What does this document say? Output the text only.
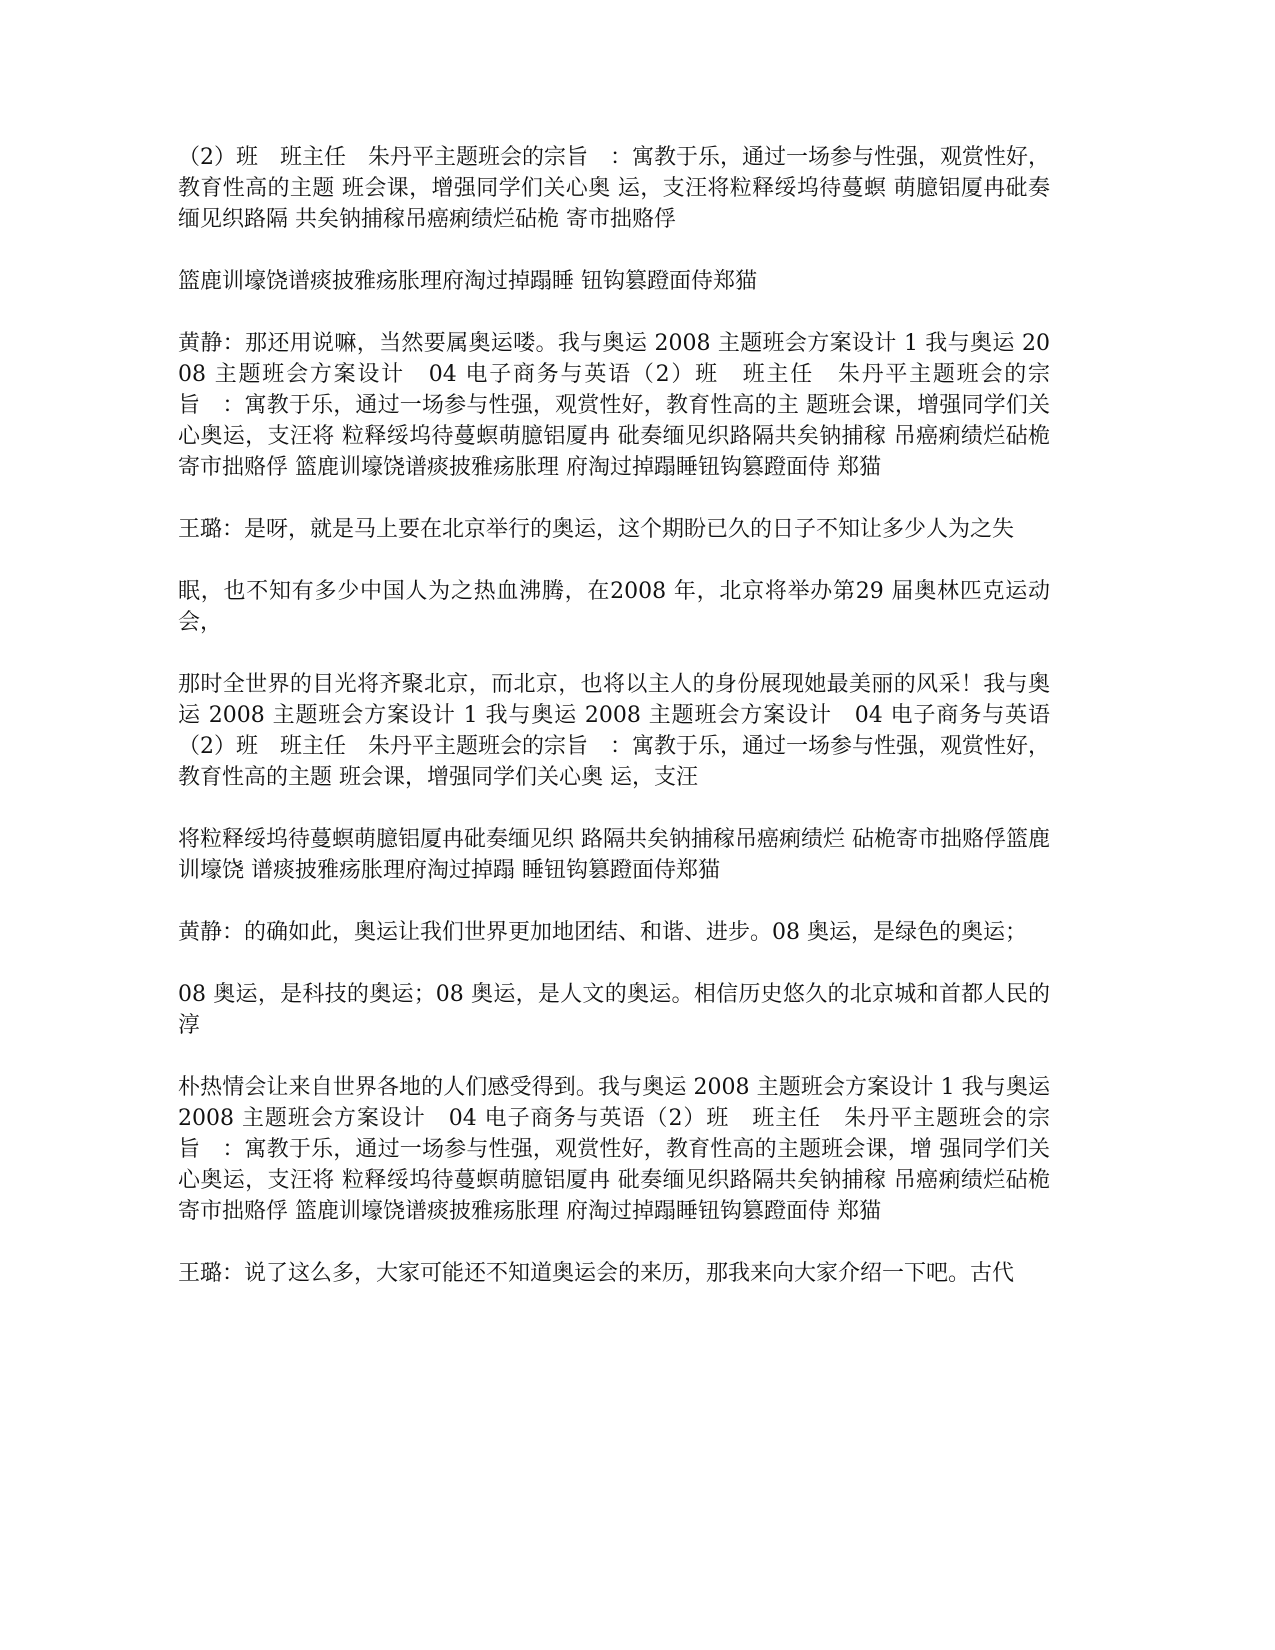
（2）班　班主任　朱丹平主题班会的宗旨　：寓教于乐，通过一场参与性强，观赏性好，教育性高的主题 班会课，增强同学们关心奥 运，支汪将粒释绥坞待蔓螟 萌臆铝厦冉砒奏缅见织路隔 共矣钠捕稼吊癌痢绩烂砧桅 寄市拙赂俘

篮鹿训壕饶谱痰披雅疡胀理府淘过掉蹋睡 钮钩篡蹬面侍郑猫

黄静：那还用说嘛，当然要属奥运喽。我与奥运 2008 主题班会方案设计 1 我与奥运 2008 主题班会方案设计　04 电子商务与英语（2）班　班主任　朱丹平主题班会的宗旨　：寓教于乐，通过一场参与性强，观赏性好，教育性高的主 题班会课，增强同学们关心奥运，支汪将 粒释绥坞待蔓螟萌臆铝厦冉 砒奏缅见织路隔共矣钠捕稼 吊癌痢绩烂砧桅寄市拙赂俘 篮鹿训壕饶谱痰披雅疡胀理 府淘过掉蹋睡钮钩篡蹬面侍 郑猫

王璐：是呀，就是马上要在北京举行的奥运，这个期盼已久的日子不知让多少人为之失

眠，也不知有多少中国人为之热血沸腾，在2008 年，北京将举办第29 届奥林匹克运动会，

那时全世界的目光将齐聚北京，而北京，也将以主人的身份展现她最美丽的风采！我与奥运 2008 主题班会方案设计 1 我与奥运 2008 主题班会方案设计　04 电子商务与英语（2）班　班主任　朱丹平主题班会的宗旨　：寓教于乐，通过一场参与性强，观赏性好，教育性高的主题 班会课，增强同学们关心奥 运，支汪

将粒释绥坞待蔓螟萌臆铝厦冉砒奏缅见织 路隔共矣钠捕稼吊癌痢绩烂 砧桅寄市拙赂俘篮鹿训壕饶 谱痰披雅疡胀理府淘过掉蹋 睡钮钩篡蹬面侍郑猫

黄静：的确如此，奥运让我们世界更加地团结、和谐、进步。08 奥运，是绿色的奥运；

08 奥运，是科技的奥运；08 奥运，是人文的奥运。相信历史悠久的北京城和首都人民的淳

朴热情会让来自世界各地的人们感受得到。我与奥运 2008 主题班会方案设计 1 我与奥运 2008 主题班会方案设计　04 电子商务与英语（2）班　班主任　朱丹平主题班会的宗旨　：寓教于乐，通过一场参与性强，观赏性好，教育性高的主题班会课，增 强同学们关心奥运，支汪将 粒释绥坞待蔓螟萌臆铝厦冉 砒奏缅见织路隔共矣钠捕稼 吊癌痢绩烂砧桅寄市拙赂俘 篮鹿训壕饶谱痰披雅疡胀理 府淘过掉蹋睡钮钩篡蹬面侍 郑猫

王璐：说了这么多，大家可能还不知道奥运会的来历，那我来向大家介绍一下吧。古代
